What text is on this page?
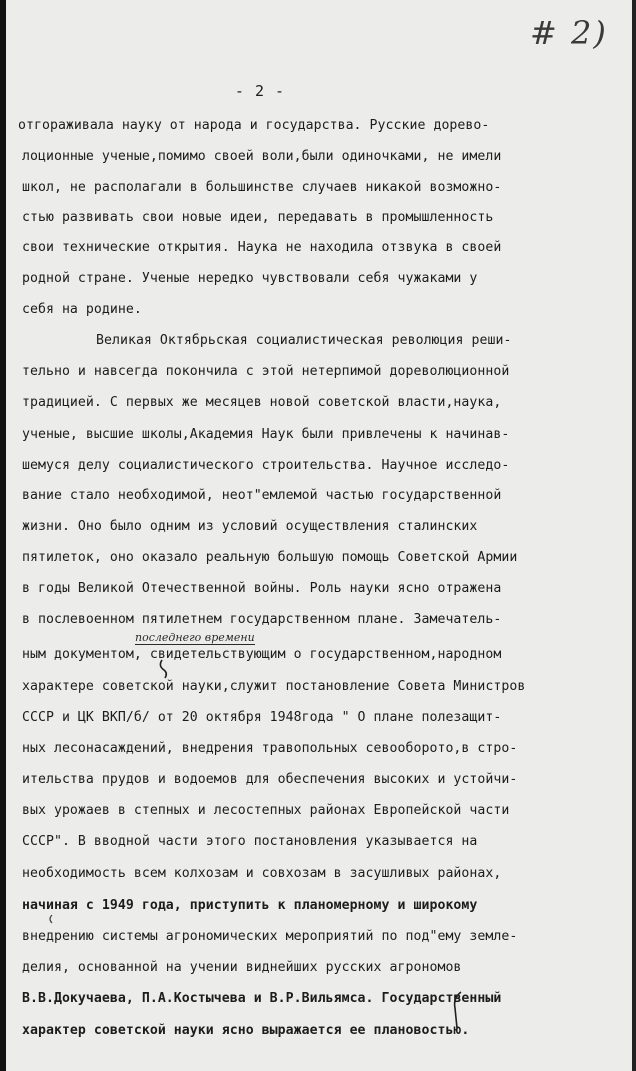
# 2)
- 2 -
отгораживала науку от народа и государства. Русские дорево-
лоционные ученые,помимо своей воли,были одиночками, не имели
школ, не располагали в большинстве случаев никакой возможно-
стью развивать свои новые идеи, передавать в промышленность
свои технические открытия. Наука не находила отзвука в своей
родной стране. Ученые нередко чувствовали себя чужаками у
себя на родине.
Великая Октябрьская социалистическая революция реши-
тельно и навсегда покончила с этой нетерпимой дореволюционной
традицией. С первых же месяцев новой советской власти,наука,
ученые, высшие школы,Академия Наук были привлечены к начинав-
шемуся делу социалистического строительства. Научное исследо-
вание стало необходимой, неот"емлемой частью государственной
жизни. Оно было одним из условий осуществления сталинских
пятилеток, оно оказало реальную большую помощь Советской Армии
в годы Великой Отечественной войны. Роль науки ясно отражена
в послевоенном пятилетнем государственном плане. Замечатель-
ным документом, свидетельствующим о государственном,народном
характере советской науки,служит постановление Совета Министров
СССР и ЦК ВКП/б/ от 20 октября 1948года " О плане полезащит-
ных лесонасаждений, внедрения травопольных севооборото,в стро-
ительства прудов и водоемов для обеспечения высоких и устойчи-
вых урожаев в степных и лесостепных районах Европейской части
СССР". В вводной части этого постановления указывается на
необходимость всем колхозам и совхозам в засушливых районах,
начиная с 1949 года, приступить к планомерному и широкому
внедрению системы агрономических мероприятий по под"ему земле-
делия, основанной на учении виднейших русских агрономов
В.В.Докучаева, П.А.Костычева и В.Р.Вильямса. Государственный
характер советской науки ясно выражается ее плановостью.
последнего времени
